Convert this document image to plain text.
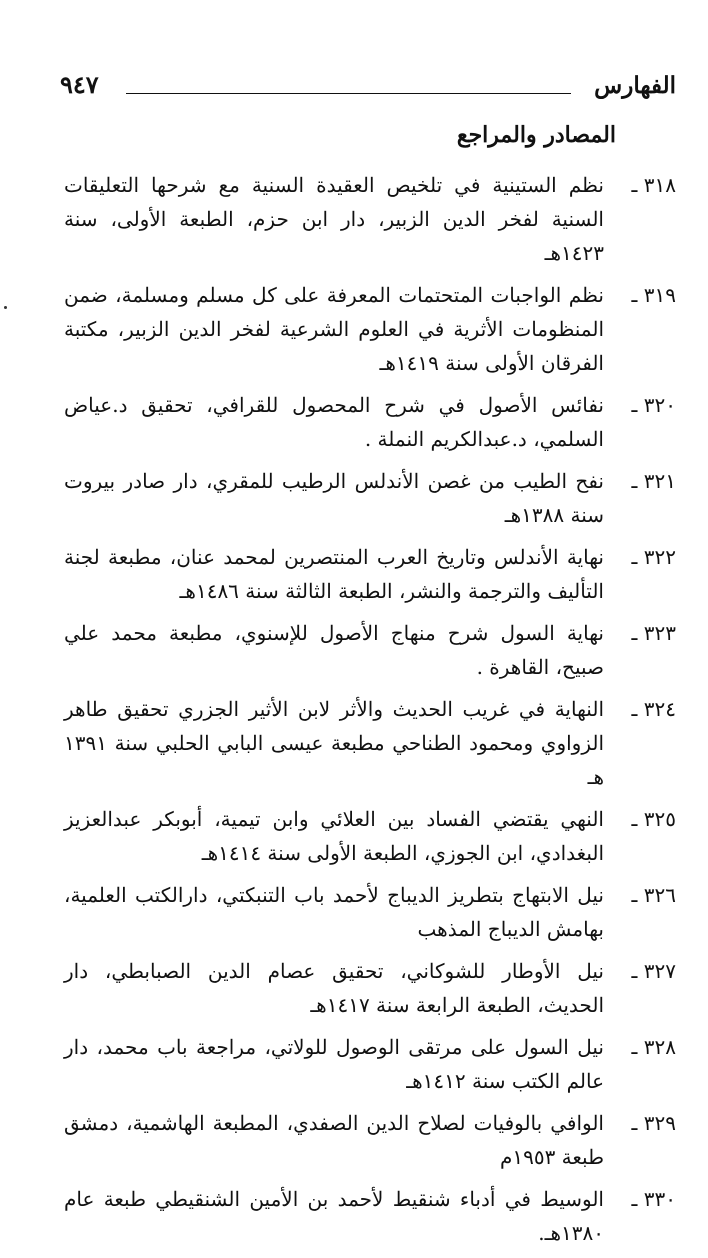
الفهارس
٩٤٧
المصادر والمراجع
٣١٨ ـ
نظم الستينية في تلخيص العقيدة السنية مع شرحها التعليقات السنية لفخر الدين الزبير، دار ابن حزم، الطبعة الأولى، سنة ١٤٢٣هـ
٣١٩ ـ
نظم الواجبات المتحتمات المعرفة على كل مسلم ومسلمة، ضمن المنظومات الأثرية في العلوم الشرعية لفخر الدين الزبير، مكتبة الفرقان الأولى سنة ١٤١٩هـ
٣٢٠ ـ
نفائس الأصول في شرح المحصول للقرافي، تحقيق د.عياض السلمي، د.عبدالكريم النملة .
٣٢١ ـ
نفح الطيب من غصن الأندلس الرطيب للمقري، دار صادر بيروت سنة ١٣٨٨هـ
٣٢٢ ـ
نهاية الأندلس وتاريخ العرب المنتصرين لمحمد عنان، مطبعة لجنة التأليف والترجمة والنشر، الطبعة الثالثة سنة ١٤٨٦هـ
٣٢٣ ـ
نهاية السول شرح منهاج الأصول للإسنوي، مطبعة محمد علي صبيح، القاهرة .
٣٢٤ ـ
النهاية في غريب الحديث والأثر لابن الأثير الجزري تحقيق طاهر الزواوي ومحمود الطناحي مطبعة عيسى البابي الحلبي سنة ١٣٩١ هـ
٣٢٥ ـ
النهي يقتضي الفساد بين العلائي وابن تيمية، أبوبكر عبدالعزيز البغدادي، ابن الجوزي، الطبعة الأولى سنة ١٤١٤هـ
٣٢٦ ـ
نيل الابتهاج بتطريز الديباج لأحمد باب التنبكتي، دارالكتب العلمية، بهامش الديباج المذهب
٣٢٧ ـ
نيل الأوطار للشوكاني، تحقيق عصام الدين الصبابطي، دار الحديث، الطبعة الرابعة سنة ١٤١٧هـ
٣٢٨ ـ
نيل السول على مرتقى الوصول للولاتي، مراجعة باب محمد، دار عالم الكتب سنة ١٤١٢هـ
٣٢٩ ـ
الوافي بالوفيات لصلاح الدين الصفدي، المطبعة الهاشمية، دمشق طبعة ١٩٥٣م
٣٣٠ ـ
الوسيط في أدباء شنقيط لأحمد بن الأمين الشنقيطي طبعة عام ١٣٨٠هـ.
